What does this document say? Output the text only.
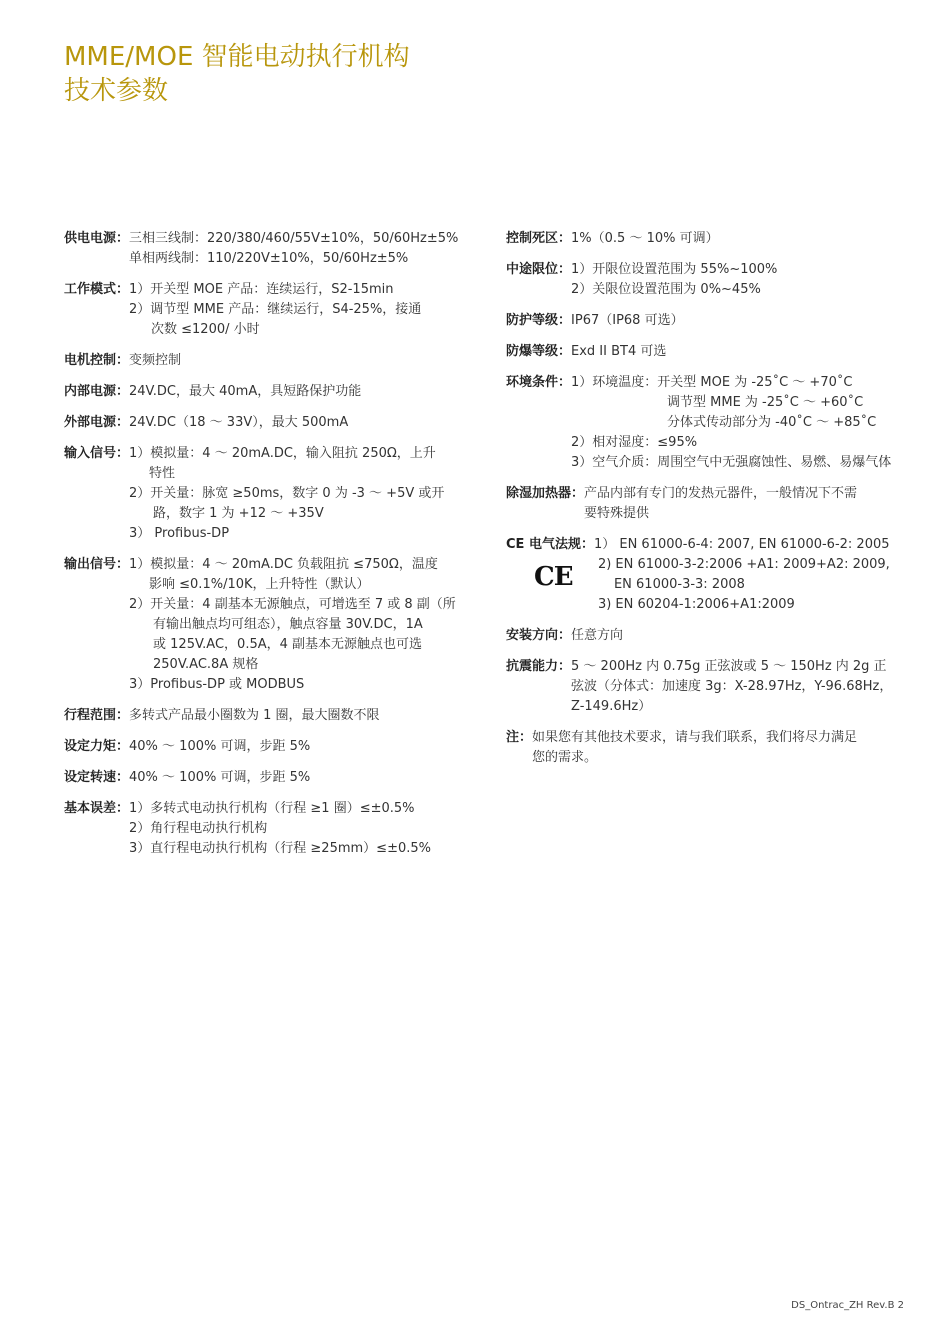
MME/MOE 智能电动执行机构
技术参数
供电电源： 三相三线制：220/380/460/55V±10%，50/60Hz±5%
单相两线制：110/220V±10%，50/60Hz±5%
工作模式： 1）开关型 MOE 产品：连续运行，S2-15min
2）调节型 MME 产品：继续运行，S4-25%，接通
次数 ≤1200/ 小时
电机控制： 变频控制
内部电源： 24V.DC，最大 40mA，具短路保护功能
外部电源： 24V.DC（18 ～ 33V），最大 500mA
输入信号： 1）模拟量：4 ～ 20mA.DC，输入阻抗 250Ω，上升
特性
2）开关量：脉宽 ≥50ms，数字 0 为 -3 ～ +5V 或开
路，数字 1 为 +12 ～ +35V
3） Profibus-DP
输出信号： 1）模拟量：4 ～ 20mA.DC 负载阻抗 ≤750Ω，温度
影响 ≤0.1%/10K，上升特性（默认）
2）开关量：4 副基本无源触点，可增选至 7 或 8 副（所
有输出触点均可组态），触点容量 30V.DC，1A
或 125V.AC，0.5A，4 副基本无源触点也可选
250V.AC.8A 规格
3）Profibus-DP 或 MODBUS
行程范围： 多转式产品最小圈数为 1 圈，最大圈数不限
设定力矩： 40% ～ 100% 可调，步距 5%
设定转速： 40% ～ 100% 可调，步距 5%
基本误差： 1）多转式电动执行机构（行程 ≥1 圈）≤±0.5%
2）角行程电动执行机构
3）直行程电动执行机构（行程 ≥25mm）≤±0.5%
控制死区： 1%（0.5 ～ 10% 可调）
中途限位： 1）开限位设置范围为 55%~100%
2）关限位设置范围为 0%~45%
防护等级： IP67（IP68 可选）
防爆等级： Exd II BT4 可选
环境条件： 1）环境温度：开关型 MOE 为 -25˚C ～ +70˚C
调节型 MME 为 -25˚C ～ +60˚C
分体式传动部分为 -40˚C ～ +85˚C
2）相对湿度：≤95%
3）空气介质：周围空气中无强腐蚀性、易燃、易爆气体
除湿加热器： 产品内部有专门的发热元器件，一般情况下不需
要特殊提供
CE 电气法规： 1） EN 61000-6-4: 2007, EN 61000-6-2: 2005
2) EN 61000-3-2:2006 +A1: 2009+A2: 2009,
EN 61000-3-3: 2008
3) EN 60204-1:2006+A1:2009
安装方向： 任意方向
抗震能力： 5 ～ 200Hz 内 0.75g 正弦波或 5 ～ 150Hz 内 2g 正
弦波（分体式：加速度 3g：X-28.97Hz，Y-96.68Hz，
Z-149.6Hz）
注： 如果您有其他技术要求，请与我们联系，我们将尽力满足
您的需求。
CE
DS_Ontrac_ZH Rev.B 2
